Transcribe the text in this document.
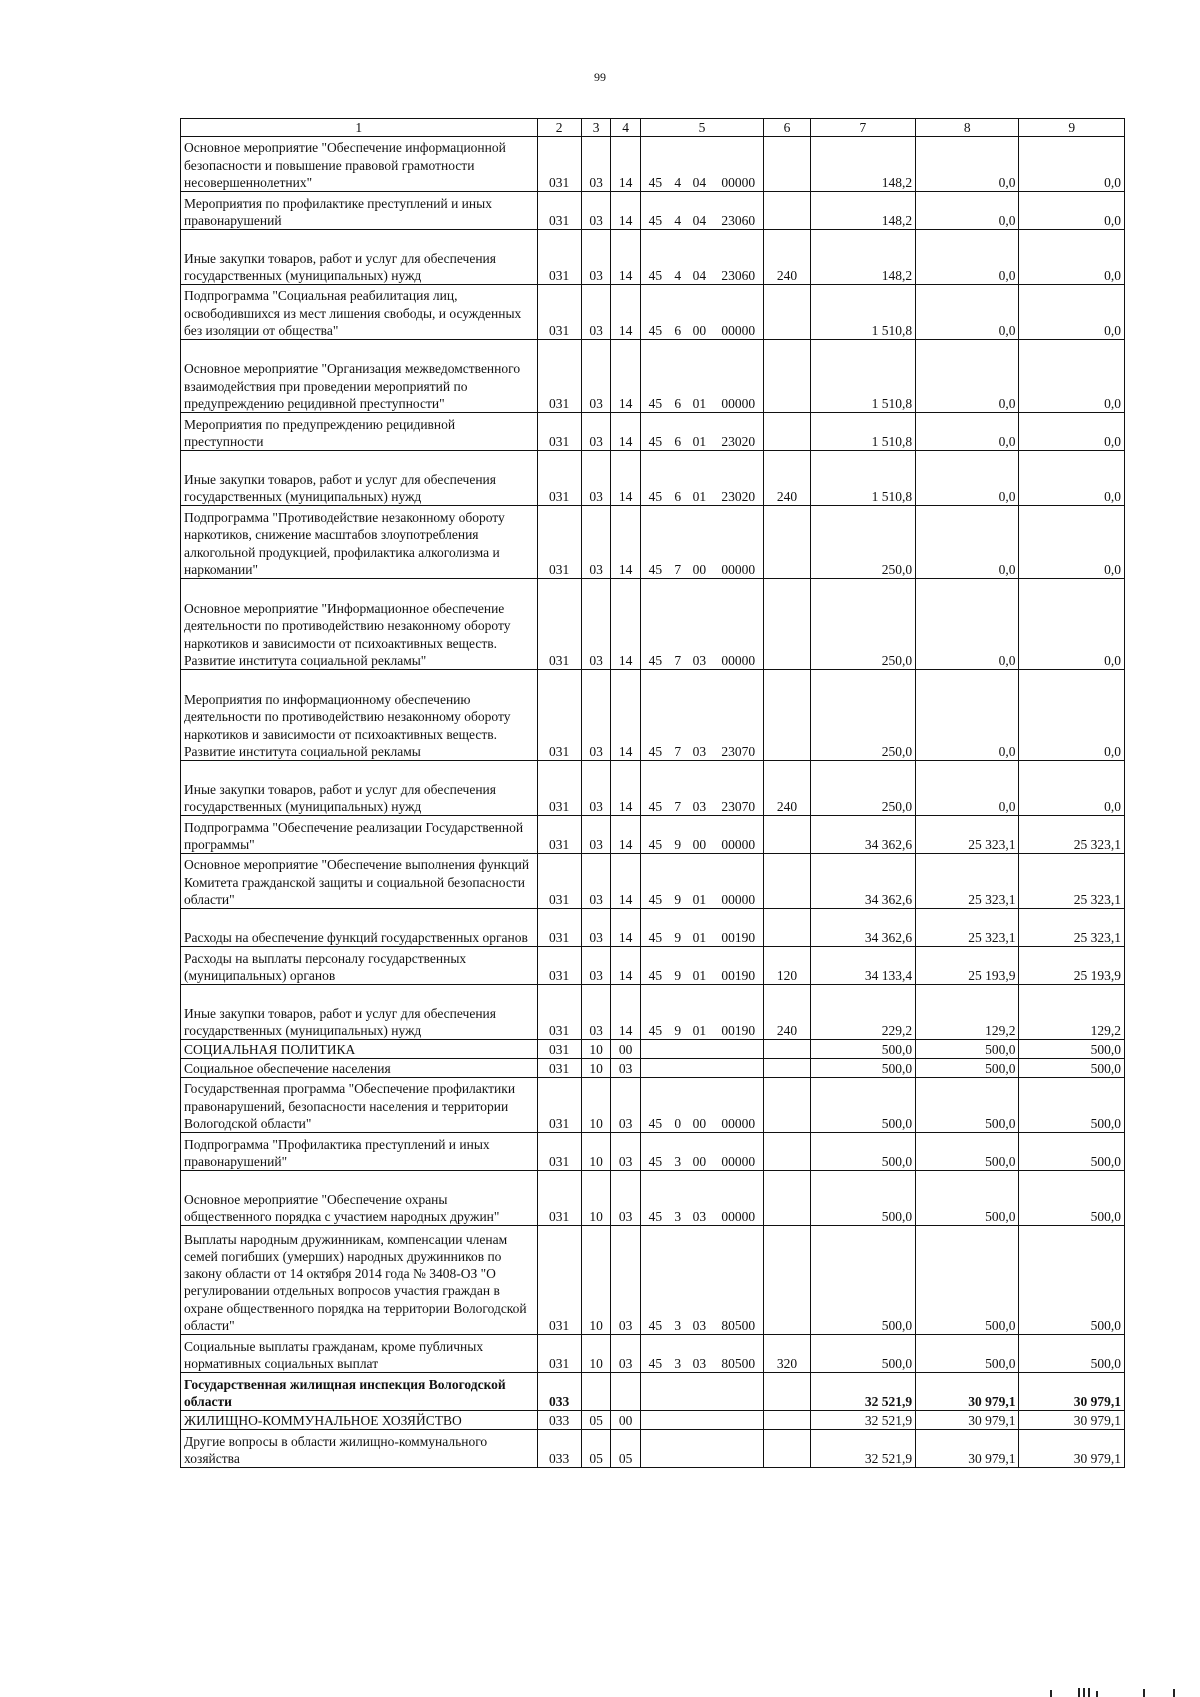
99
1	2	3	4	5				6	7	8	9
Основное мероприятие "Обеспечение информационной безопасности и повышение правовой грамотности несовершеннолетних"	031	03	14	45	4	04	00000		148,2	0,0	0,0
Мероприятия по профилактике преступлений и иных правонарушений	031	03	14	45	4	04	23060		148,2	0,0	0,0
Иные закупки товаров, работ и услуг для обеспечения государственных (муниципальных) нужд	031	03	14	45	4	04	23060	240	148,2	0,0	0,0
Подпрограмма "Социальная реабилитация лиц, освободившихся из мест лишения свободы, и осужденных без изоляции от общества"	031	03	14	45	6	00	00000		1 510,8	0,0	0,0
Основное мероприятие "Организация межведомственного взаимодействия при проведении мероприятий по предупреждению рецидивной преступности"	031	03	14	45	6	01	00000		1 510,8	0,0	0,0
Мероприятия по предупреждению рецидивной преступности	031	03	14	45	6	01	23020		1 510,8	0,0	0,0
Иные закупки товаров, работ и услуг для обеспечения государственных (муниципальных) нужд	031	03	14	45	6	01	23020	240	1 510,8	0,0	0,0
Подпрограмма "Противодействие незаконному обороту наркотиков, снижение масштабов злоупотребления алкогольной продукцией, профилактика алкоголизма и наркомании"	031	03	14	45	7	00	00000		250,0	0,0	0,0
Основное мероприятие "Информационное обеспечение деятельности по противодействию незаконному обороту наркотиков и зависимости от психоактивных веществ. Развитие института социальной рекламы"	031	03	14	45	7	03	00000		250,0	0,0	0,0
Мероприятия по информационному обеспечению деятельности по противодействию незаконному обороту наркотиков и зависимости от психоактивных веществ. Развитие института социальной рекламы	031	03	14	45	7	03	23070		250,0	0,0	0,0
Иные закупки товаров, работ и услуг для обеспечения государственных (муниципальных) нужд	031	03	14	45	7	03	23070	240	250,0	0,0	0,0
Подпрограмма "Обеспечение реализации Государственной программы"	031	03	14	45	9	00	00000		34 362,6	25 323,1	25 323,1
Основное мероприятие "Обеспечение выполнения функций Комитета гражданской защиты и социальной безопасности области"	031	03	14	45	9	01	00000		34 362,6	25 323,1	25 323,1
Расходы на обеспечение функций государственных органов	031	03	14	45	9	01	00190		34 362,6	25 323,1	25 323,1
Расходы на выплаты персоналу государственных (муниципальных) органов	031	03	14	45	9	01	00190	120	34 133,4	25 193,9	25 193,9
Иные закупки товаров, работ и услуг для обеспечения государственных (муниципальных) нужд	031	03	14	45	9	01	00190	240	229,2	129,2	129,2
СОЦИАЛЬНАЯ ПОЛИТИКА	031	10	00						500,0	500,0	500,0
Социальное обеспечение населения	031	10	03						500,0	500,0	500,0
Государственная программа "Обеспечение профилактики правонарушений, безопасности населения и территории Вологодской области"	031	10	03	45	0	00	00000		500,0	500,0	500,0
Подпрограмма "Профилактика преступлений и иных правонарушений"	031	10	03	45	3	00	00000		500,0	500,0	500,0
Основное мероприятие "Обеспечение охраны общественного порядка с участием народных дружин"	031	10	03	45	3	03	00000		500,0	500,0	500,0
Выплаты народным дружинникам, компенсации членам семей погибших (умерших) народных дружинников по закону области от 14 октября 2014 года № 3408-ОЗ "О регулировании отдельных вопросов участия граждан в охране общественного порядка на территории Вологодской области"	031	10	03	45	3	03	80500		500,0	500,0	500,0
Социальные выплаты гражданам, кроме публичных нормативных социальных выплат	031	10	03	45	3	03	80500	320	500,0	500,0	500,0
Государственная жилищная инспекция Вологодской области	033								32 521,9	30 979,1	30 979,1
ЖИЛИЩНО-КОММУНАЛЬНОЕ ХОЗЯЙСТВО	033	05	00						32 521,9	30 979,1	30 979,1
Другие вопросы в области жилищно-коммунального хозяйства	033	05	05						32 521,9	30 979,1	30 979,1
